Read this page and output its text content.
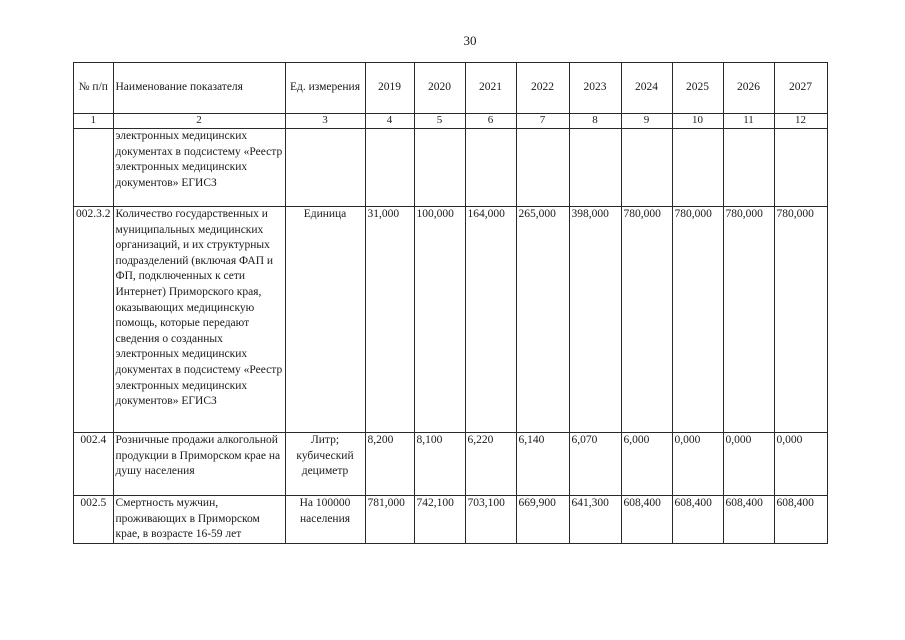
30
№ п/п	Наименование показателя	Ед. измерения	2019	2020	2021	2022	2023	2024	2025	2026	2027
1	2	3	4	5	6	7	8	9	10	11	12
	электронных медицинских документах в подсистему «Реестр электронных медицинских документов» ЕГИСЗ										
002.3.2	Количество государственных и муниципальных медицинских организаций, и их структурных подразделений (включая ФАП и ФП, подключенных к сети Интернет) Приморского края, оказывающих медицинскую помощь, которые передают сведения о созданных электронных медицинских документах в подсистему «Реестр электронных медицинских документов» ЕГИСЗ	Единица	31,000	100,000	164,000	265,000	398,000	780,000	780,000	780,000	780,000
002.4	Розничные продажи алкогольной продукции в Приморском крае на душу населения	Литр; кубический дециметр	8,200	8,100	6,220	6,140	6,070	6,000	0,000	0,000	0,000
002.5	Смертность мужчин, проживающих в Приморском крае, в возрасте 16-59 лет	На 100000 населения	781,000	742,100	703,100	669,900	641,300	608,400	608,400	608,400	608,400
